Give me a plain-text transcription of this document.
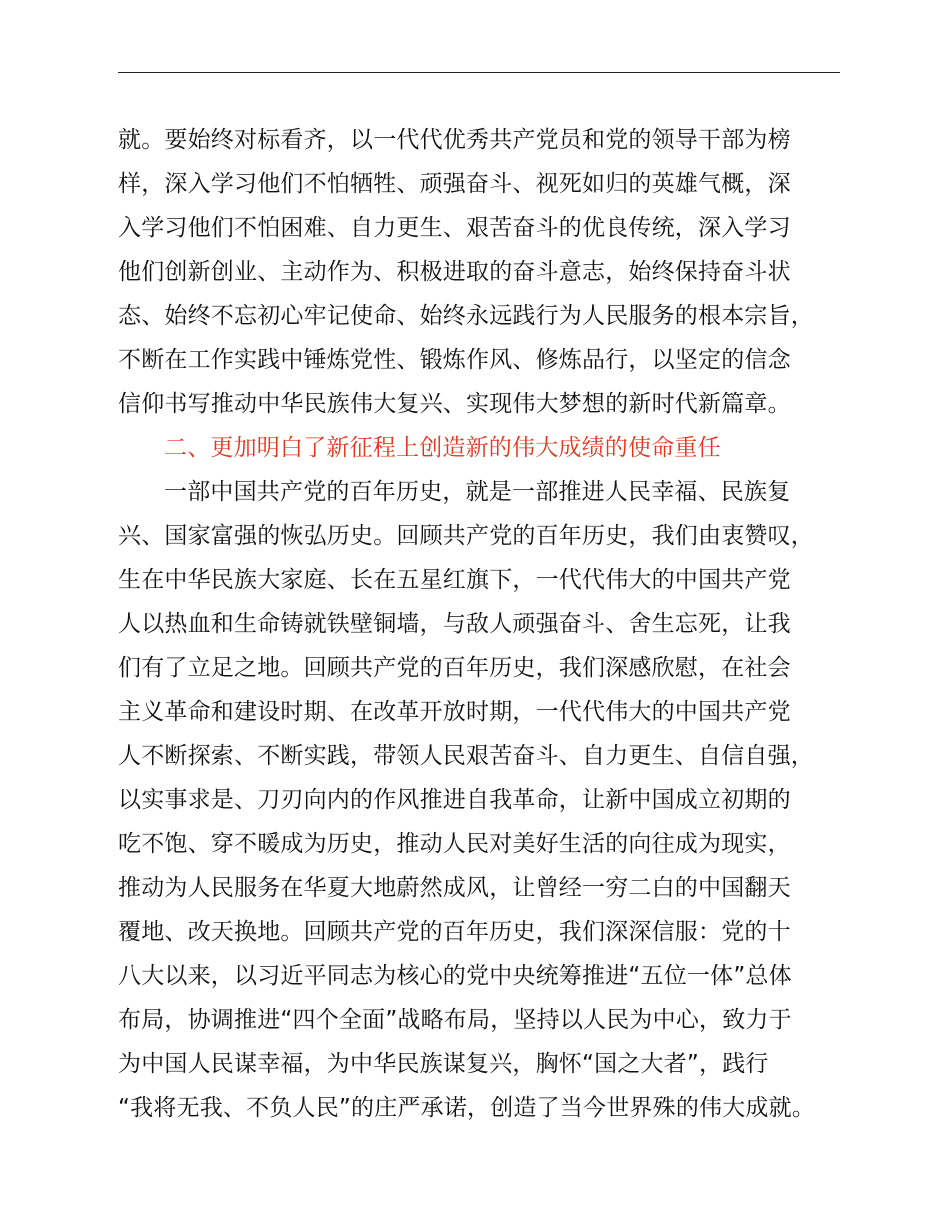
就。要始终对标看齐，以一代代优秀共产党员和党的领导干部为榜
样，深入学习他们不怕牺牲、顽强奋斗、视死如归的英雄气概，深
入学习他们不怕困难、自力更生、艰苦奋斗的优良传统，深入学习
他们创新创业、主动作为、积极进取的奋斗意志，始终保持奋斗状
态、始终不忘初心牢记使命、始终永远践行为人民服务的根本宗旨，
不断在工作实践中锤炼党性、锻炼作风、修炼品行，以坚定的信念
信仰书写推动中华民族伟大复兴、实现伟大梦想的新时代新篇章。
二、更加明白了新征程上创造新的伟大成绩的使命重任
一部中国共产党的百年历史，就是一部推进人民幸福、民族复
兴、国家富强的恢弘历史。回顾共产党的百年历史，我们由衷赞叹，
生在中华民族大家庭、长在五星红旗下，一代代伟大的中国共产党
人以热血和生命铸就铁壁铜墙，与敌人顽强奋斗、舍生忘死，让我
们有了立足之地。回顾共产党的百年历史，我们深感欣慰，在社会
主义革命和建设时期、在改革开放时期，一代代伟大的中国共产党
人不断探索、不断实践，带领人民艰苦奋斗、自力更生、自信自强，
以实事求是、刀刃向内的作风推进自我革命，让新中国成立初期的
吃不饱、穿不暖成为历史，推动人民对美好生活的向往成为现实，
推动为人民服务在华夏大地蔚然成风，让曾经一穷二白的中国翻天
覆地、改天换地。回顾共产党的百年历史，我们深深信服：党的十
八大以来，以习近平同志为核心的党中央统筹推进“五位一体”总体
布局，协调推进“四个全面”战略布局，坚持以人民为中心，致力于
为中国人民谋幸福，为中华民族谋复兴，胸怀“国之大者”，践行
“我将无我、不负人民”的庄严承诺，创造了当今世界殊的伟大成就。
